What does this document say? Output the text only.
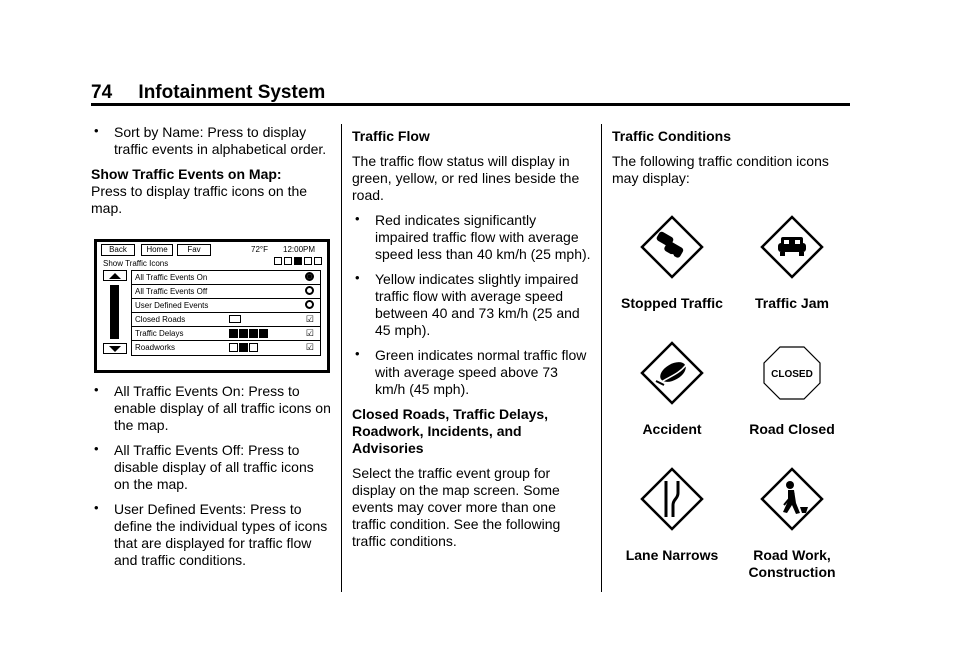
74 Infotainment System
• Sort by Name: Press to display traffic events in alphabetical order.

Show Traffic Events on Map:
Press to display traffic icons on the map.

Back	Home	Fav	72°F 12:00PM
Show Traffic Icons
All Traffic Events On
All Traffic Events Off
User Defined Events
Closed Roads	☑
Traffic Delays	☑
Roadworks	☑
• All Traffic Events On: Press to enable display of all traffic icons on the map.
• All Traffic Events Off: Press to disable display of all traffic icons on the map.
• User Defined Events: Press to define the individual types of icons that are displayed for traffic flow and traffic conditions.

Traffic Flow

The traffic flow status will display in green, yellow, or red lines beside the road.

• Red indicates significantly impaired traffic flow with average speed less than 40 km/h (25 mph).
• Yellow indicates slightly impaired traffic flow with average speed between 40 and 73 km/h (25 and 45 mph).
• Green indicates normal traffic flow with average speed above 73 km/h (45 mph).

Closed Roads, Traffic Delays, Roadwork, Incidents, and Advisories

Select the traffic event group for display on the map screen. Some events may cover more than one traffic condition. See the following traffic conditions.

Traffic Conditions

The following traffic condition icons may display:

Stopped Traffic	Traffic Jam
Accident
CLOSED
Road Closed
Lane Narrows	Road Work, Construction
